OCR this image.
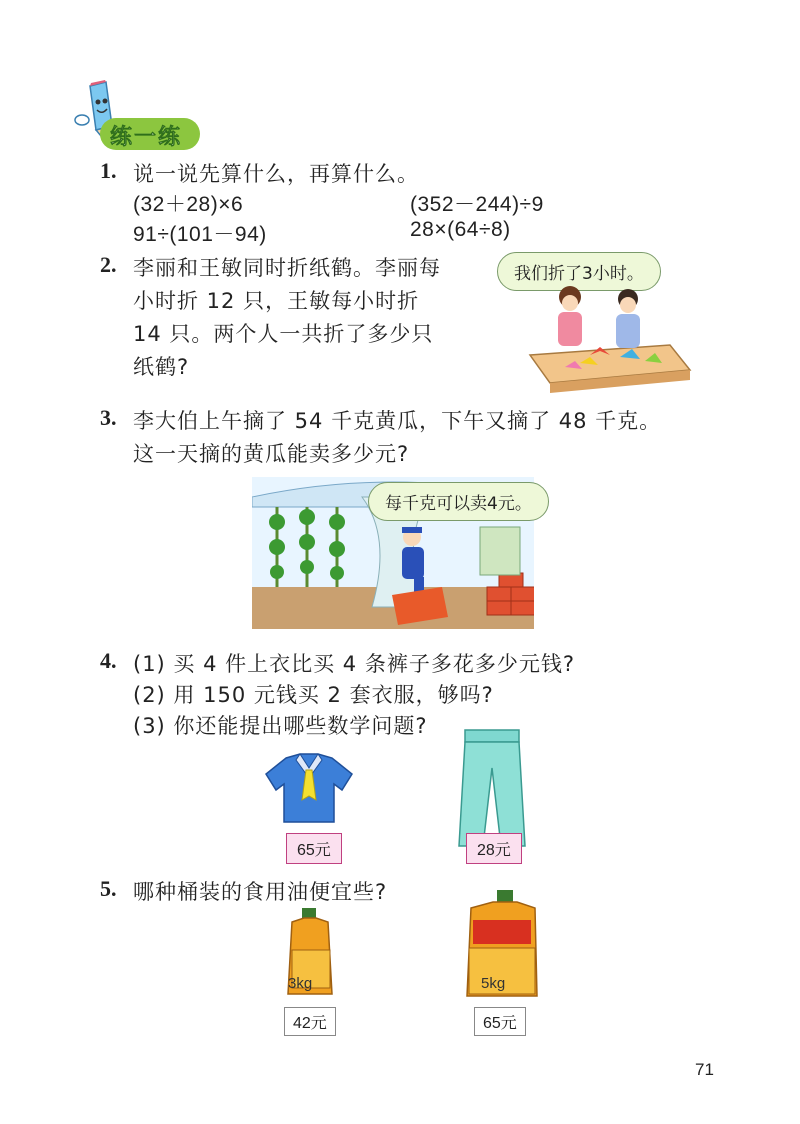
练一练
1. 说一说先算什么，再算什么。
(32＋28)×6	(352－244)÷9
91÷(101－94)	28×(64÷8)
2. 李丽和王敏同时折纸鹤。李丽每
小时折 12 只，王敏每小时折
14 只。两个人一共折了多少只
纸鹤?
我们折了3小时。
3. 李大伯上午摘了 54 千克黄瓜，下午又摘了 48 千克。
这一天摘的黄瓜能卖多少元?
每千克可以卖4元。
4. (1) 买 4 件上衣比买 4 条裤子多花多少元钱?
(2) 用 150 元钱买 2 套衣服，够吗?
(3) 你还能提出哪些数学问题?
65元	28元
5. 哪种桶装的食用油便宜些?
3kg
42元
5kg
65元
71
